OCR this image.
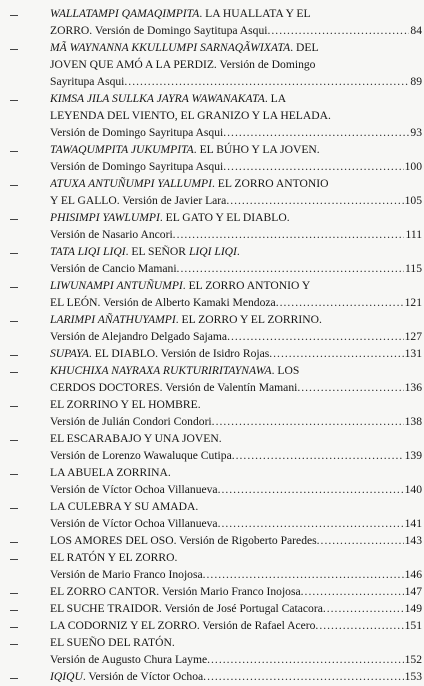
WALLATAMPI QAMAQIMPITA. LA HUALLATA Y EL
ZORRO. Versión de Domingo Saytitupa Asqui. .....	84
MÃ WAYNANNA KKULLUMPI SARNAQÃWIXATA. DEL
JOVEN QUE AMÓ A LA PERDIZ. Versión de Domingo
Sayritupa Asqui. .....	89
KIMSA JILA SULLKA JAYRA WAWANAKATA. LA
LEYENDA DEL VIENTO, EL GRANIZO Y LA HELADA.
Versión de Domingo Sayritupa Asqui. .....	93
TAWAQUMPITA JUKUMPITA. EL BÚHO Y LA JOVEN.
Versión de Domingo Sayritupa Asqui. .....	100
ATUXA ANTUÑUMPI YALLUMPI. EL ZORRO ANTONIO
Y EL GALLO. Versión de Javier Lara. .....	105
PHISIMPI YAWLUMPI. EL GATO Y EL DIABLO.
Versión de Nasario Ancori. .....	111
TATA LIQI LIQI. EL SEÑOR LIQI LIQI.
Versión de Cancio Mamani. .....	115
LIWUNAMPI ANTUÑUMPI. EL ZORRO ANTONIO Y
EL LEÓN. Versión de Alberto Kamaki Mendoza. .....	121
LARIMPI AÑATHUYAMPI. EL ZORRO Y EL ZORRINO.
Versión de Alejandro Delgado Sajama. .....	127
SUPAYA. EL DIABLO. Versión de Isidro Rojas. .....	131
KHUCHIXA NAYRAXA RUKTURIRITAYNAWA. LOS
CERDOS DOCTORES. Versión de Valentín Mamani. .....	136
EL ZORRINO Y EL HOMBRE.
Versión de Julián Condori Condori. .....	138
EL ESCARABAJO Y UNA JOVEN.
Versión de Lorenzo Wawaluque Cutipa. .....	139
LA ABUELA ZORRINA.
Versión de Víctor Ochoa Villanueva. .....	140
LA CULEBRA Y SU AMADA.
Versión de Víctor Ochoa Villanueva. .....	141
LOS AMORES DEL OSO. Versión de Rigoberto Paredes. .....	143
EL RATÓN Y EL ZORRO.
Versión de Mario Franco Inojosa. .....	146
EL ZORRO CANTOR. Versión Mario Franco Inojosa. .....	147
EL SUCHE TRAIDOR. Versión de José Portugal Catacora. .....	149
LA CODORNIZ Y EL ZORRO. Versión de Rafael Acero. .....	151
EL SUEÑO DEL RATÓN.
Versión de Augusto Chura Layme. .....	152
IQIQU. Versión de Víctor Ochoa. .....	153
